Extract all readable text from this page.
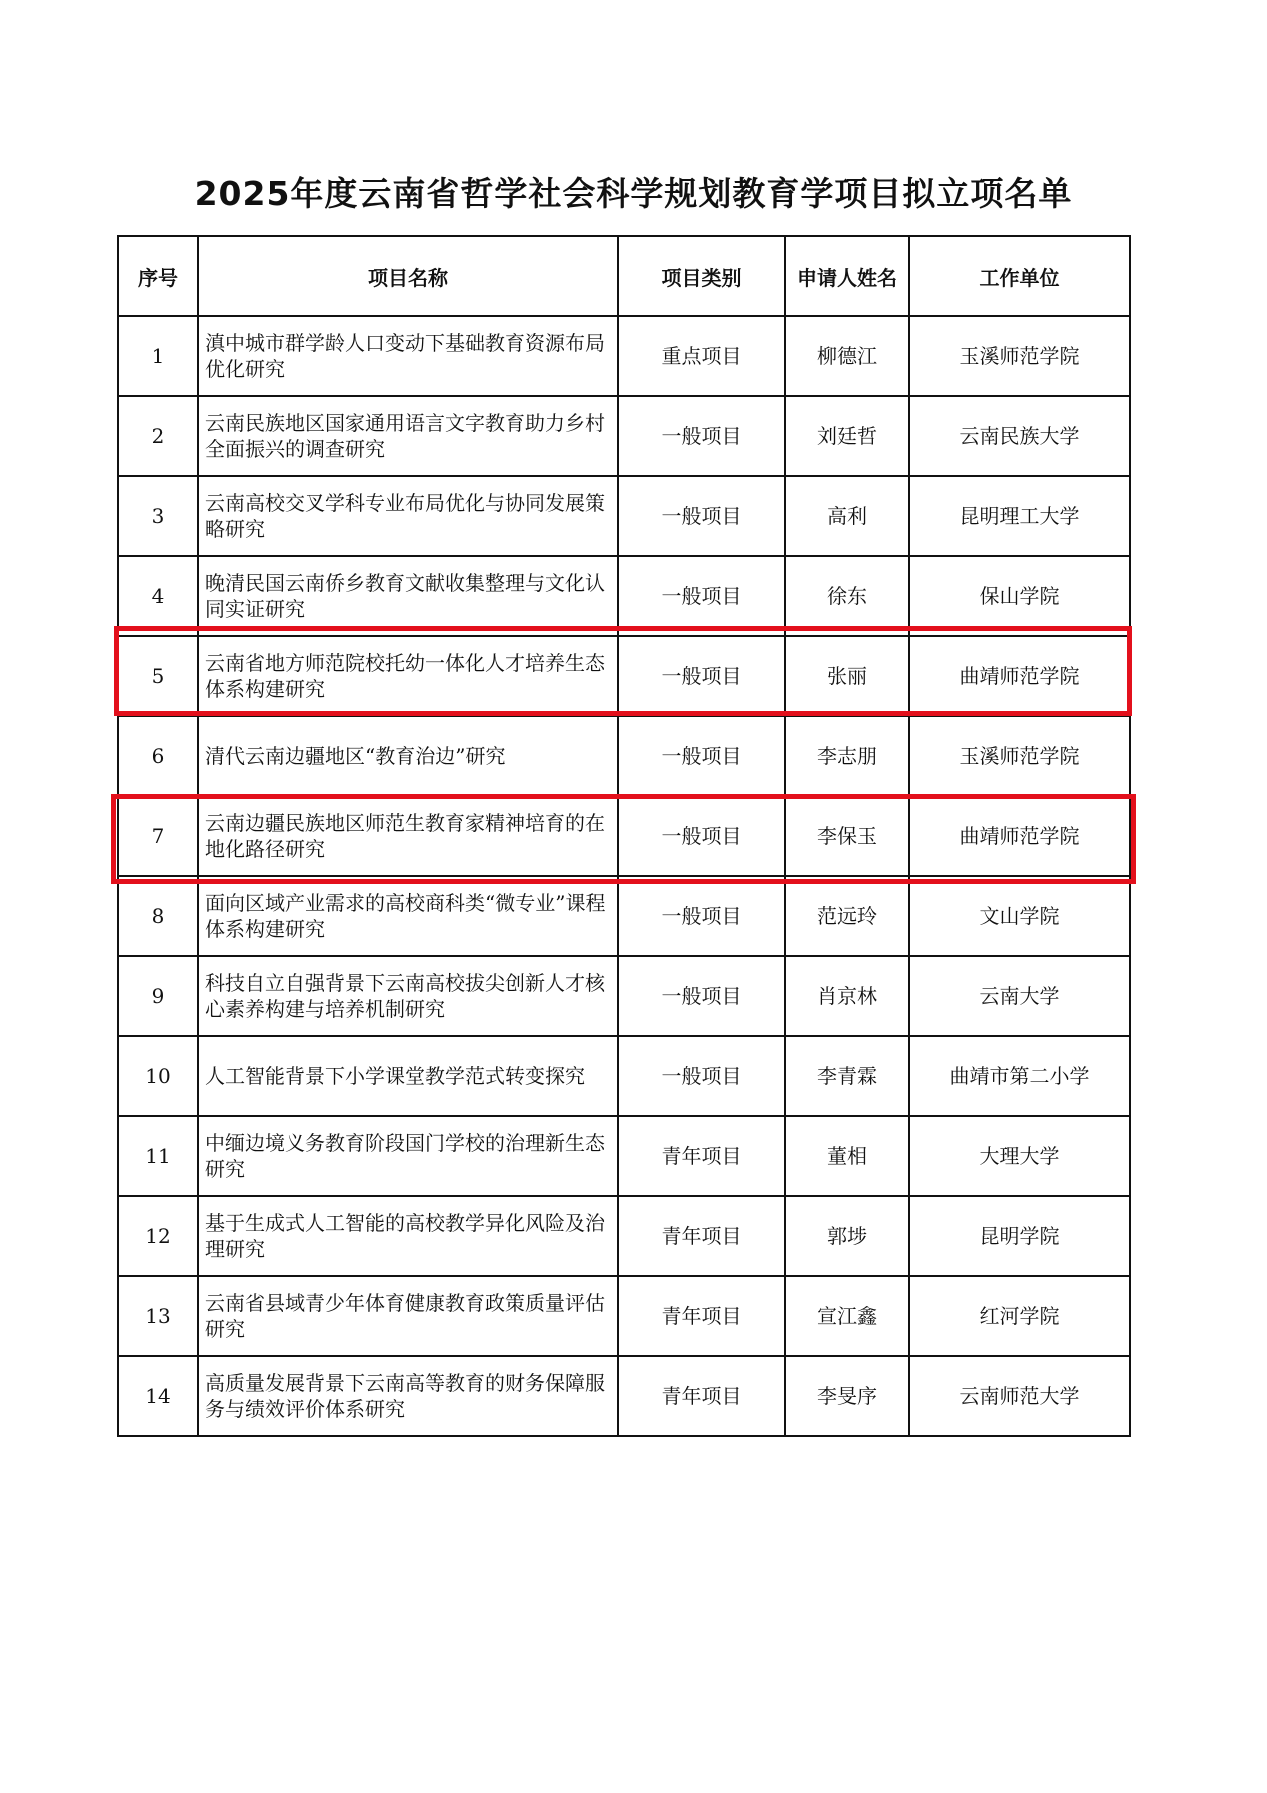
2025年度云南省哲学社会科学规划教育学项目拟立项名单
序号	项目名称	项目类别	申请人姓名	工作单位
1	滇中城市群学龄人口变动下基础教育资源布局优化研究	重点项目	柳德江	玉溪师范学院
2	云南民族地区国家通用语言文字教育助力乡村全面振兴的调查研究	一般项目	刘廷哲	云南民族大学
3	云南高校交叉学科专业布局优化与协同发展策略研究	一般项目	高利	昆明理工大学
4	晚清民国云南侨乡教育文献收集整理与文化认同实证研究	一般项目	徐东	保山学院
5	云南省地方师范院校托幼一体化人才培养生态体系构建研究	一般项目	张丽	曲靖师范学院
6	清代云南边疆地区“教育治边”研究	一般项目	李志朋	玉溪师范学院
7	云南边疆民族地区师范生教育家精神培育的在地化路径研究	一般项目	李保玉	曲靖师范学院
8	面向区域产业需求的高校商科类“微专业”课程体系构建研究	一般项目	范远玲	文山学院
9	科技自立自强背景下云南高校拔尖创新人才核心素养构建与培养机制研究	一般项目	肖京林	云南大学
10	人工智能背景下小学课堂教学范式转变探究	一般项目	李青霖	曲靖市第二小学
11	中缅边境义务教育阶段国门学校的治理新生态研究	青年项目	董相	大理大学
12	基于生成式人工智能的高校教学异化风险及治理研究	青年项目	郭埗	昆明学院
13	云南省县域青少年体育健康教育政策质量评估研究	青年项目	宣江鑫	红河学院
14	高质量发展背景下云南高等教育的财务保障服务与绩效评价体系研究	青年项目	李旻序	云南师范大学
